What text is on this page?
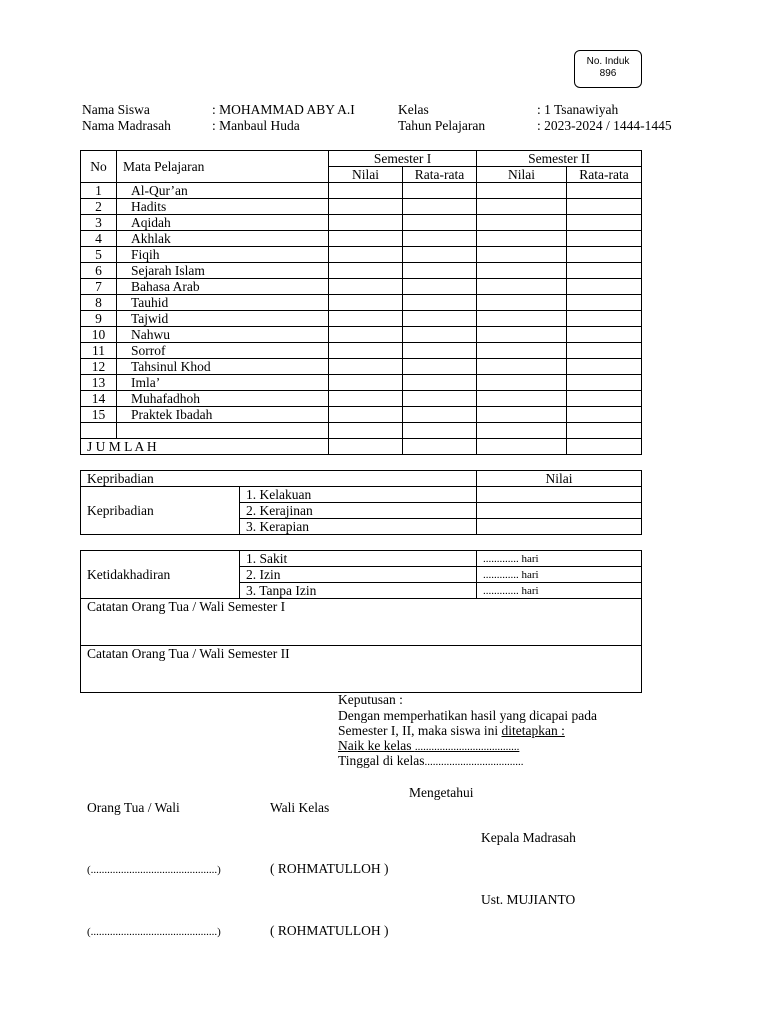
No. Induk
896
Nama Siswa	: MOHAMMAD ABY A.I	Kelas	: 1 Tsanawiyah
Nama Madrasah	: Manbaul Huda	Tahun Pelajaran	: 2023-2024 / 1444-1445
No	Mata Pelajaran	Semester I		Semester II	
		Nilai	Rata-rata	Nilai	Rata-rata
1	Al-Qur’an				
2	Hadits				
3	Aqidah				
4	Akhlak				
5	Fiqih				
6	Sejarah Islam				
7	Bahasa Arab				
8	Tauhid				
9	Tajwid				
10	Nahwu				
11	Sorrof				
12	Tahsinul Khod				
13	Imla’				
14	Muhafadhoh				
15	Praktek Ibadah				

J U M L A H					
Kepribadian		Nilai
Kepribadian	1. Kelakuan	
	2. Kerajinan	
	3. Kerapian	
Ketidakhadiran	1. Sakit	............. hari
	2. Izin	............. hari
	3. Tanpa Izin	............. hari
Catatan Orang Tua / Wali Semester I		
Catatan Orang Tua / Wali Semester II		
Keputusan :
Dengan memperhatikan hasil yang dicapai pada
Semester I, II, maka siswa ini ditetapkan :
Naik ke kelas ......................................
Tinggal di kelas....................................
Mengetahui
Orang Tua / Wali	Wali Kelas
Kepala Madrasah
(..............................................)	( ROHMATULLOH )
Ust. MUJIANTO
(..............................................)	( ROHMATULLOH )
